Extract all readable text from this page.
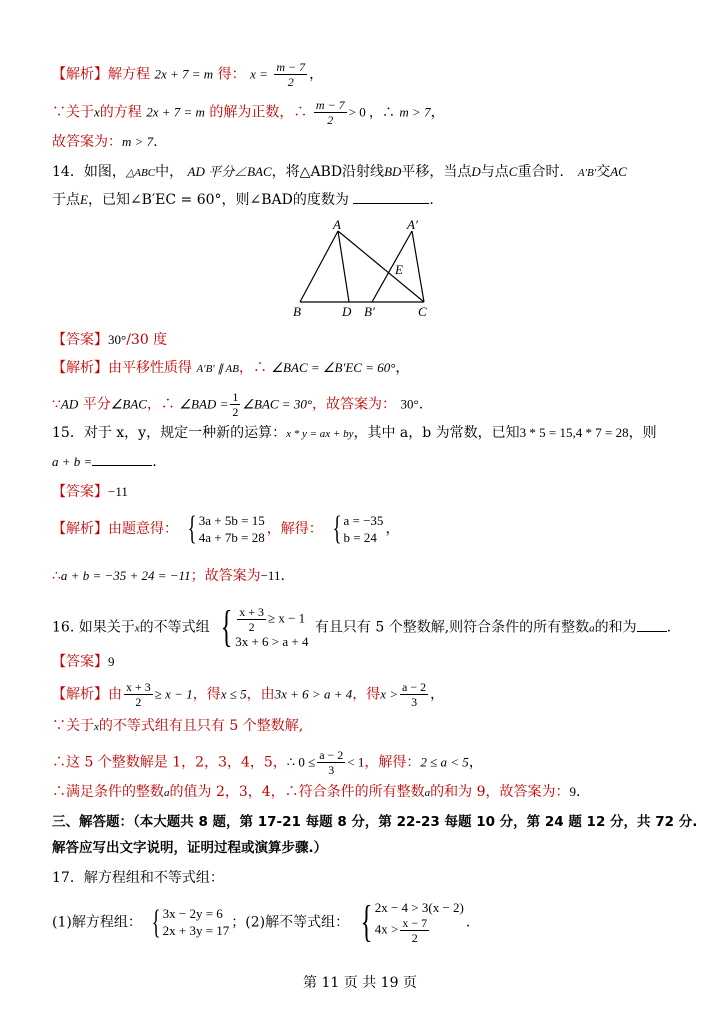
【解析】解方程 2x + 7 = m 得： $x = \frac{m - 7}{2}$ ，
∵关于x的方程 2x + 7 = m 的解为正数，∴ $\frac{m - 7}{2} > 0$ ，∴ m > 7，
故答案为：m > 7.
14．如图，△ABC中， AD 平分∠BAC，将△ABD沿射线BD平移，当点D与点C重合时． A′B′交AC
于点E，已知∠B′EC = 60°，则∠BAD的度数为	.
A	A′
E
B	D B′	C
【答案】30°/30 度
【解析】由平移性质得 A′B′ ∥ AB，∴ ∠BAC = ∠B′EC = 60°，
∵AD 平分∠BAC，∴ ∠BAD = $\frac{1}{2}$ ∠BAC = 30°，故答案为： 30°.
15．对于 x，y，规定一种新的运算：x * y = ax + by，其中 a，b 为常数，已知3 * 5 = 15,4 * 7 = 28，则
a + b =	.
【答案】−11
【解析】由题意得： { 3a + 5b = 15
4a + 7b = 28 ，解得： { a = −35
b = 24 ，
∴a + b = −35 + 24 = −11；故答案为−11.
16. 如果关于x的不等式组 { $\frac{x + 3}{2} \ge x - 1$
3x + 6 > a + 4
有且只有 5 个整数解,则符合条件的所有整数a的和为 .
【答案】9
【解析】由 $\frac{x + 3}{2} \ge x - 1$，得x ≤ 5，由3x + 6 > a + 4，得$x > \frac{a - 2}{3}$ ，
∵关于x的不等式组有且只有 5 个整数解,
∴这 5 个整数解是 1，2，3，4，5，∴ $0 \le \frac{a - 2}{3} < 1$，解得：2 ≤ a < 5，
∴满足条件的整数a的值为 2，3，4，∴符合条件的所有整数a的和为 9，故答案为：9.
三、解答题：（本大题共 8 题，第 17-21 每题 8 分，第 22-23 每题 10 分，第 24 题 12 分，共 72 分.
解答应写出文字说明，证明过程或演算步骤.）
17．解方程组和不等式组：
(1)解方程组： { 3x − 2y = 6
2x + 3y = 17 ；(2)解不等式组： { 2x − 4 > 3(x − 2)
$4x > \frac{x - 7}{2}$	.
第 11 页 共 19 页
